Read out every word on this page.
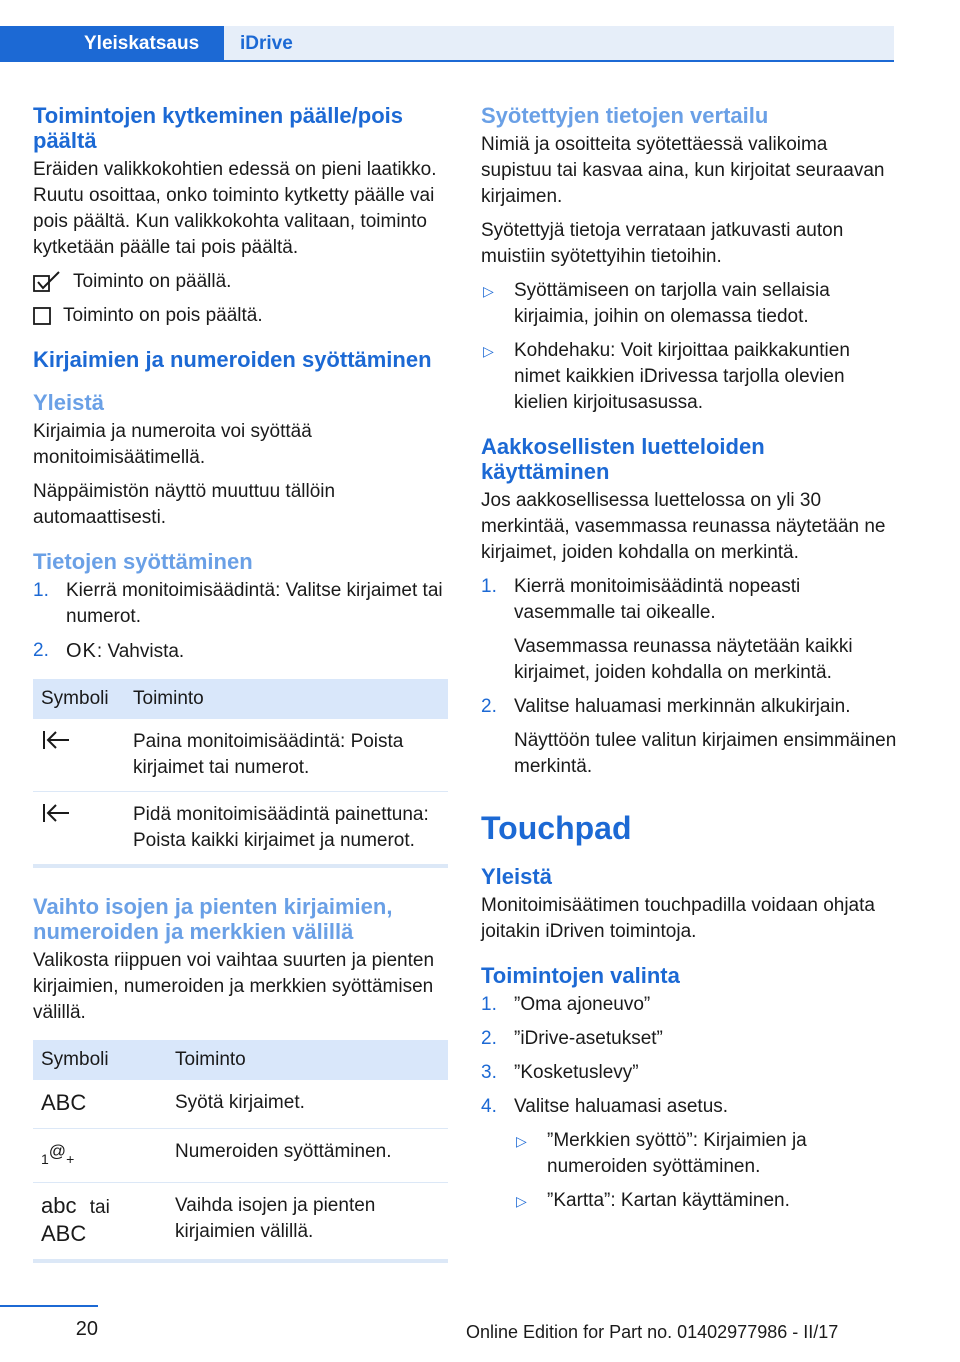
Yleiskatsaus	iDrive
Toimintojen kytkeminen päälle/pois päältä

Eräiden valikkokohtien edessä on pieni laatikko. Ruutu osoittaa, onko toiminto kytketty päälle vai pois päältä. Kun valikkokohta valitaan, toiminto kytketään päälle tai pois päältä.

Toiminto on päällä.
Toiminto on pois päältä.
Kirjaimien ja numeroiden syöttäminen
Yleistä

Kirjaimia ja numeroita voi syöttää monitoimisäätimellä.

Näppäimistön näyttö muuttuu tällöin automaattisesti.

Tietojen syöttäminen
1. Kierrä monitoimisäädintä: Valitse kirjaimet tai numerot.
2. OK: Vahvista.
Symboli	Toiminto
	Paina monitoimisäädintä: Poista kirjaimet tai numerot.
	Pidä monitoimisäädintä painettuna: Poista kaikki kirjaimet ja numerot.
Vaihto isojen ja pienten kirjaimien, numeroiden ja merkkien välillä

Valikosta riippuen voi vaihtaa suurten ja pienten kirjaimien, numeroiden ja merkkien syöttämisen välillä.

Symboli	Toiminto
ABC	Syötä kirjaimet.
1@+	Numeroiden syöttäminen.
abc tai
ABC	Vaihda isojen ja pienten kirjaimien välillä.
Syötettyjen tietojen vertailu

Nimiä ja osoitteita syötettäessä valikoima supistuu tai kasvaa aina, kun kirjoitat seuraavan kirjaimen.

Syötettyjä tietoja verrataan jatkuvasti auton muistiin syötettyihin tietoihin.

▷ Syöttämiseen on tarjolla vain sellaisia kirjaimia, joihin on olemassa tiedot.
▷ Kohdehaku: Voit kirjoittaa paikkakuntien nimet kaikkien iDrivessa tarjolla olevien kielien kirjoitusasussa.
Aakkosellisten luetteloiden käyttäminen

Jos aakkosellisessa luettelossa on yli 30 merkintää, vasemmassa reunassa näytetään ne kirjaimet, joiden kohdalla on merkintä.

1. Kierrä monitoimisäädintä nopeasti vasemmalle tai oikealle.
Vasemmassa reunassa näytetään kaikki kirjaimet, joiden kohdalla on merkintä.
2. Valitse haluamasi merkinnän alkukirjain.
Näyttöön tulee valitun kirjaimen ensimmäinen merkintä.
Touchpad
Yleistä

Monitoimisäätimen touchpadilla voidaan ohjata joitakin iDriven toimintoja.

Toimintojen valinta
1. ”Oma ajoneuvo”
2. ”iDrive-asetukset”
3. ”Kosketuslevy”
4. Valitse haluamasi asetus.
▷ ”Merkkien syöttö”: Kirjaimien ja numeroiden syöttäminen.
▷ ”Kartta”: Kartan käyttäminen.
20	Online Edition for Part no. 01402977986 - II/17
